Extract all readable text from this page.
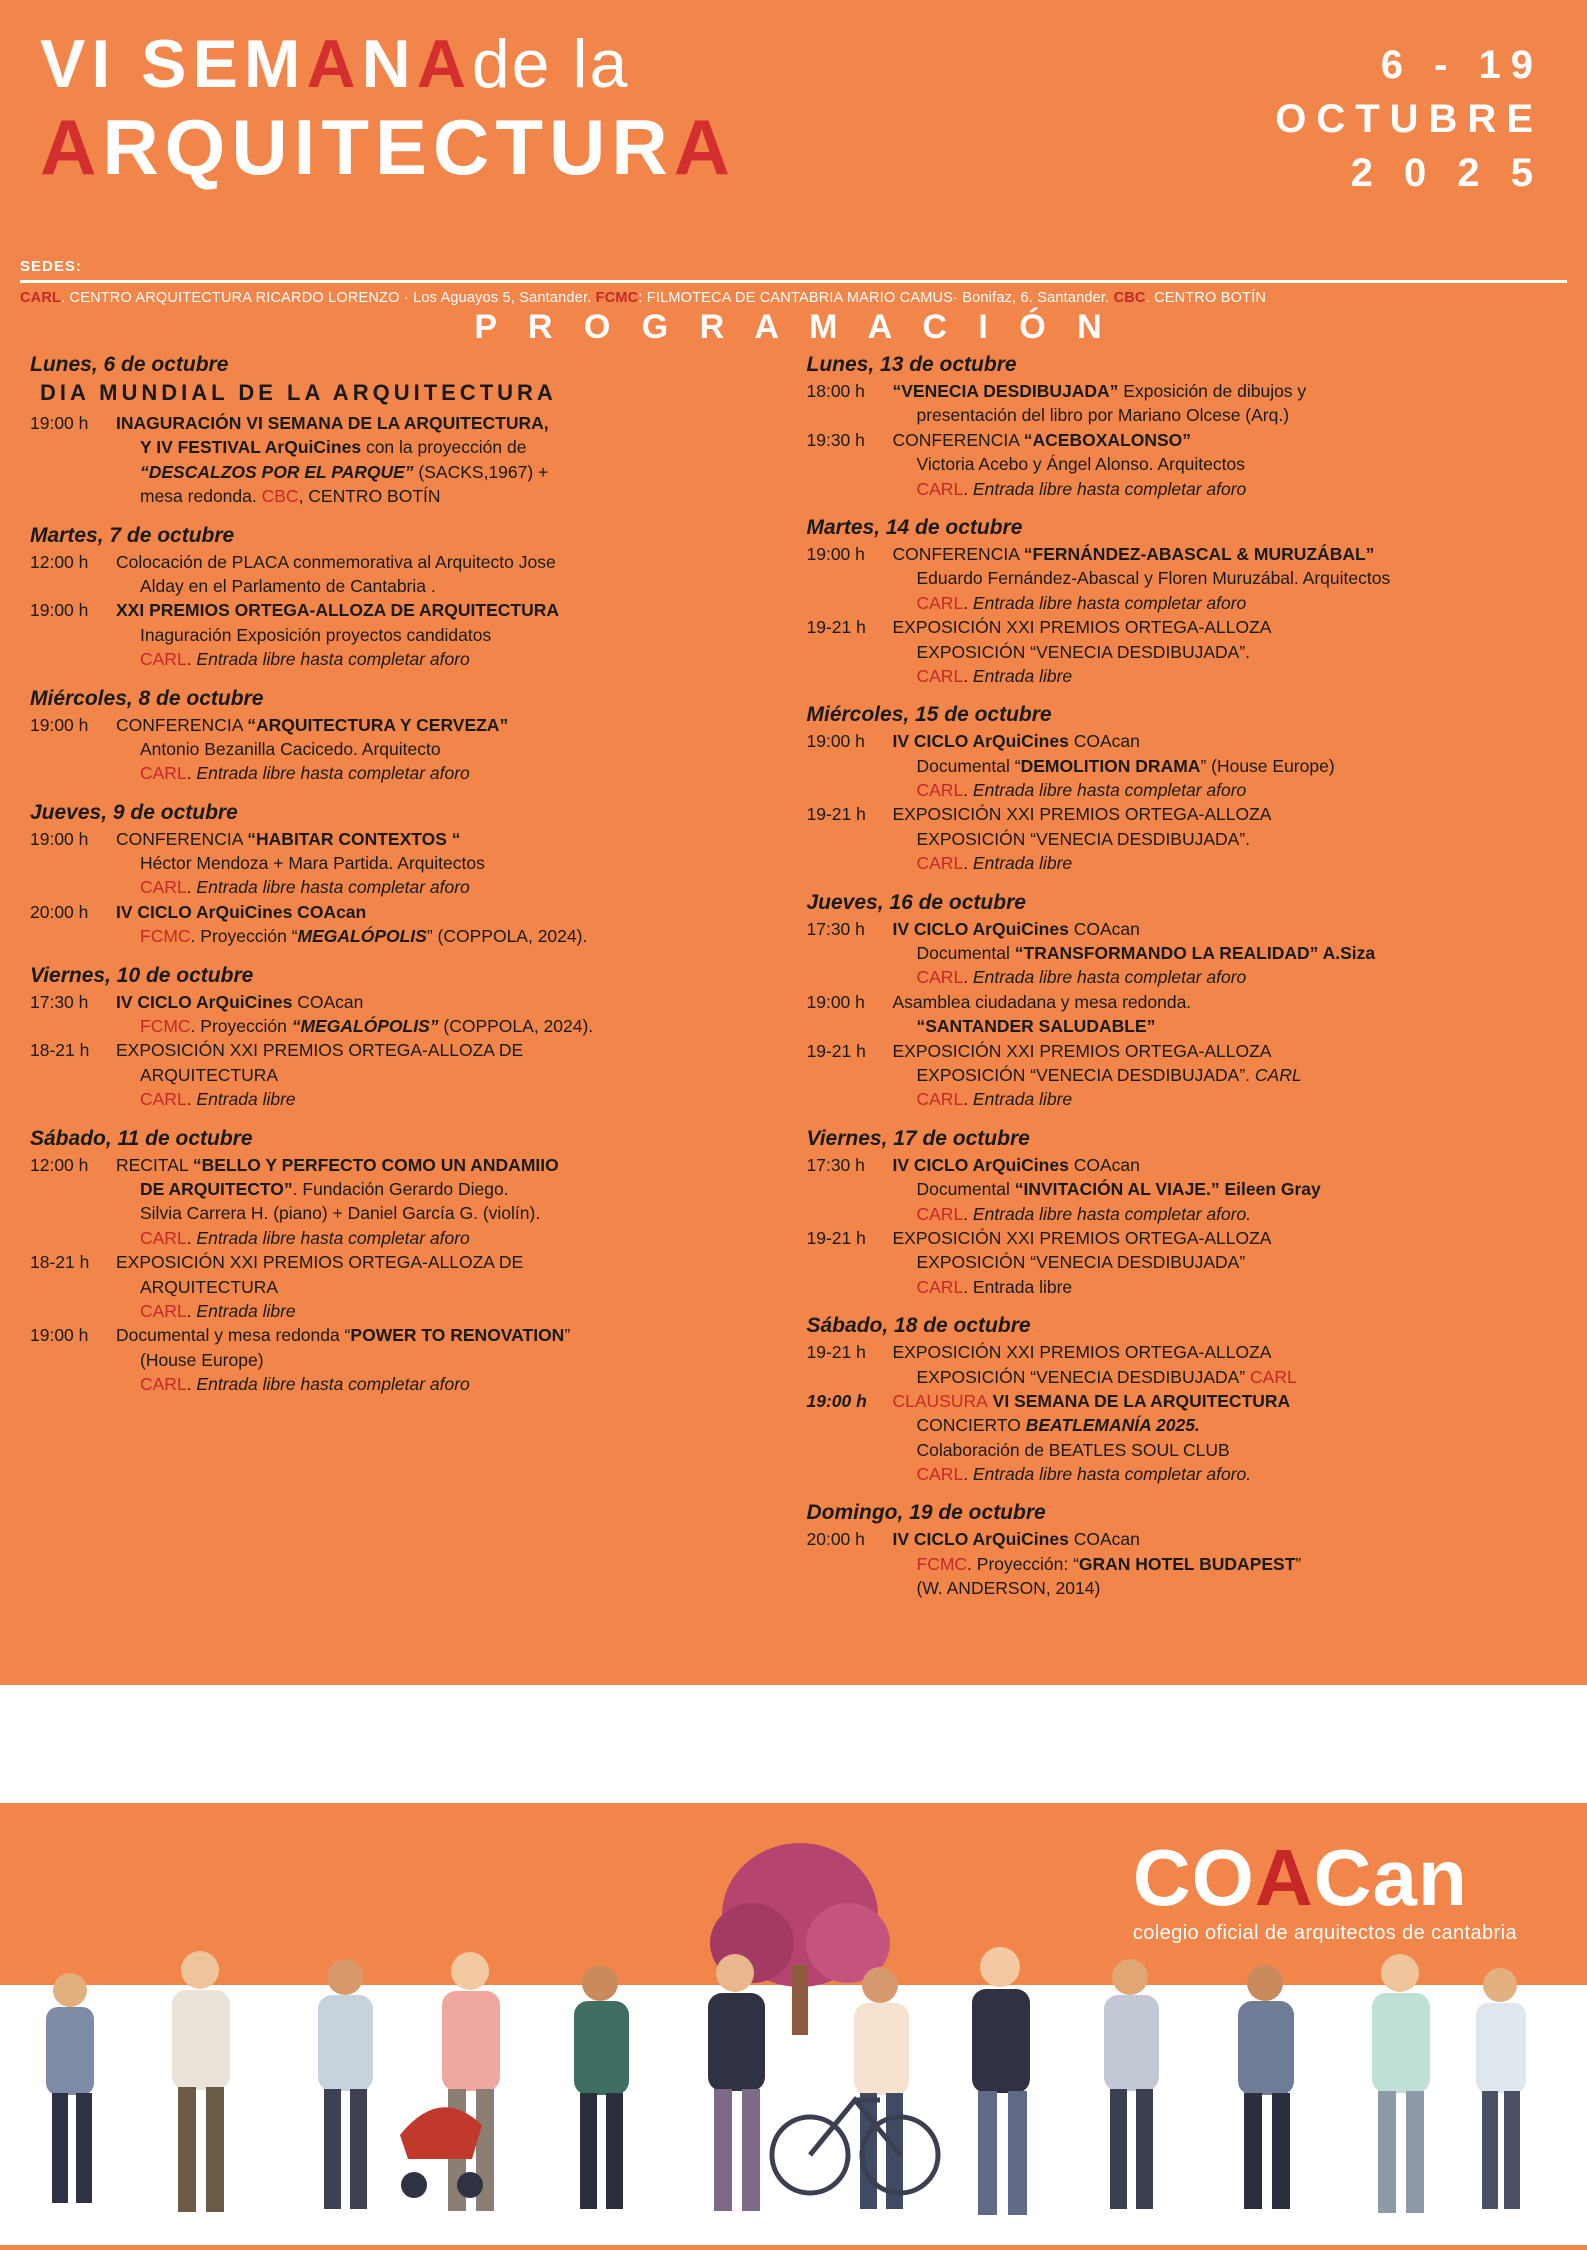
VI SEMANAde la
ARQUITECTURA
6 - 19
OCTUBRE
2 0 2 5
SEDES:
CARL. CENTRO ARQUITECTURA RICARDO LORENZO · Los Aguayos 5, Santander. FCMC: FILMOTECA DE CANTABRIA MARIO CAMUS· Bonifaz, 6. Santander. CBC. CENTRO BOTÍN
P R O G R A M A C I Ó N
Lunes, 6 de octubre
DIA MUNDIAL DE LA ARQUITECTURA
19:00 h	INAGURACIÓN VI SEMANA DE LA ARQUITECTURA,

Y IV FESTIVAL ArQuiCines con la proyección de

“DESCALZOS POR EL PARQUE” (SACKS,1967) +

mesa redonda. CBC, CENTRO BOTÍN
Martes, 7 de octubre
12:00 h	Colocación de PLACA conmemorativa al Arquitecto Jose

Alday en el Parlamento de Cantabria .
19:00 h	XXI PREMIOS ORTEGA-ALLOZA DE ARQUITECTURA

Inaguración Exposición proyectos candidatos

CARL. Entrada libre hasta completar aforo
Miércoles, 8 de octubre
19:00 h	CONFERENCIA “ARQUITECTURA Y CERVEZA”

Antonio Bezanilla Cacicedo. Arquitecto

CARL. Entrada libre hasta completar aforo
Jueves, 9 de octubre
19:00 h	CONFERENCIA “HABITAR CONTEXTOS “

Héctor Mendoza + Mara Partida. Arquitectos

CARL. Entrada libre hasta completar aforo
20:00 h	IV CICLO ArQuiCines COAcan

FCMC. Proyección “MEGALÓPOLIS” (COPPOLA, 2024).
Viernes, 10 de octubre
17:30 h	IV CICLO ArQuiCines COAcan

FCMC. Proyección “MEGALÓPOLIS” (COPPOLA, 2024).
18-21 h	EXPOSICIÓN XXI PREMIOS ORTEGA-ALLOZA DE

ARQUITECTURA

CARL. Entrada libre
Sábado, 11 de octubre
12:00 h	RECITAL “BELLO Y PERFECTO COMO UN ANDAMIIO

DE ARQUITECTO”. Fundación Gerardo Diego.

Silvia Carrera H. (piano) + Daniel García G. (violín).

CARL. Entrada libre hasta completar aforo
18-21 h	EXPOSICIÓN XXI PREMIOS ORTEGA-ALLOZA DE

ARQUITECTURA

CARL. Entrada libre
19:00 h	Documental y mesa redonda “POWER TO RENOVATION”

(House Europe)

CARL. Entrada libre hasta completar aforo
Lunes, 13 de octubre
18:00 h	“VENECIA DESDIBUJADA” Exposición de dibujos y

presentación del libro por Mariano Olcese (Arq.)
19:30 h	CONFERENCIA “ACEBOXALONSO”

Victoria Acebo y Ángel Alonso. Arquitectos

CARL. Entrada libre hasta completar aforo
Martes, 14 de octubre
19:00 h	CONFERENCIA “FERNÁNDEZ-ABASCAL & MURUZÁBAL”

Eduardo Fernández-Abascal y Floren Muruzábal. Arquitectos

CARL. Entrada libre hasta completar aforo
19-21 h	EXPOSICIÓN XXI PREMIOS ORTEGA-ALLOZA

EXPOSICIÓN “VENECIA DESDIBUJADA”.

CARL. Entrada libre
Miércoles, 15 de octubre
19:00 h	IV CICLO ArQuiCines COAcan

Documental “DEMOLITION DRAMA” (House Europe)

CARL. Entrada libre hasta completar aforo
19-21 h	EXPOSICIÓN XXI PREMIOS ORTEGA-ALLOZA

EXPOSICIÓN “VENECIA DESDIBUJADA”.

CARL. Entrada libre
Jueves, 16 de octubre
17:30 h	IV CICLO ArQuiCines COAcan

Documental “TRANSFORMANDO LA REALIDAD” A.Siza

CARL. Entrada libre hasta completar aforo
19:00 h	Asamblea ciudadana y mesa redonda.

“SANTANDER SALUDABLE”
19-21 h	EXPOSICIÓN XXI PREMIOS ORTEGA-ALLOZA

EXPOSICIÓN “VENECIA DESDIBUJADA”. CARL

CARL. Entrada libre
Viernes, 17 de octubre
17:30 h	IV CICLO ArQuiCines COAcan

Documental “INVITACIÓN AL VIAJE.” Eileen Gray

CARL. Entrada libre hasta completar aforo.
19-21 h	EXPOSICIÓN XXI PREMIOS ORTEGA-ALLOZA

EXPOSICIÓN “VENECIA DESDIBUJADA”

CARL. Entrada libre
Sábado, 18 de octubre
19-21 h	EXPOSICIÓN XXI PREMIOS ORTEGA-ALLOZA

EXPOSICIÓN “VENECIA DESDIBUJADA” CARL
19:00 h	CLAUSURA VI SEMANA DE LA ARQUITECTURA

CONCIERTO BEATLEMANÍA 2025.

Colaboración de BEATLES SOUL CLUB

CARL. Entrada libre hasta completar aforo.
Domingo, 19 de octubre
20:00 h	IV CICLO ArQuiCines COAcan

FCMC. Proyección: “GRAN HOTEL BUDAPEST”

(W. ANDERSON, 2014)

COACan
colegio oficial de arquitectos de cantabria
